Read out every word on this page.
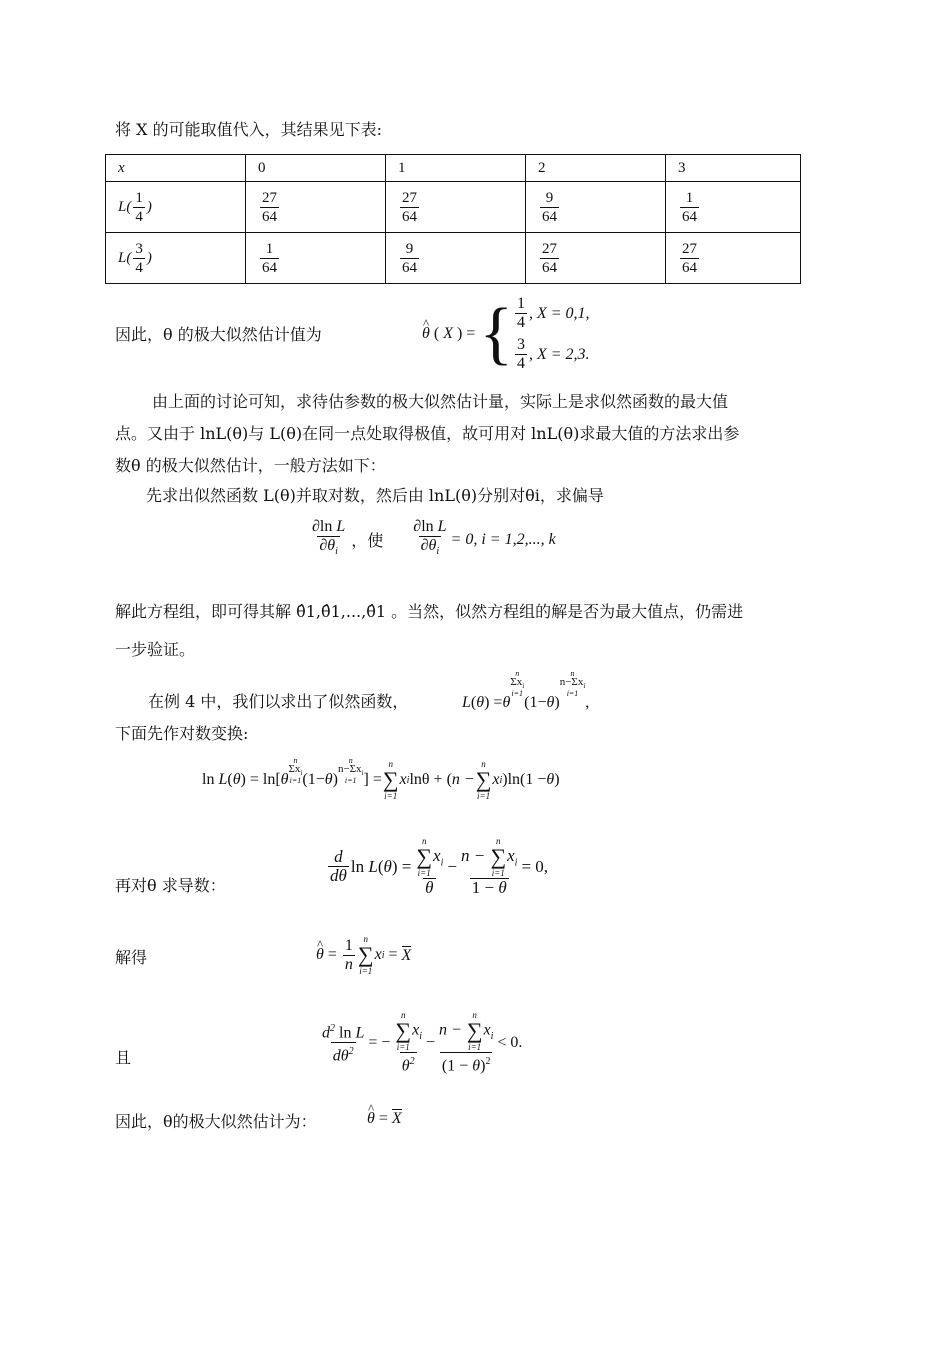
将 X 的可能取值代入，其结果见下表:
x	0	1	2	3
$L( \frac{1}{4}$ )	$\frac{27}{64}$	$\frac{27}{64}$	$\frac{9}{64}$	$\frac{1}{64}$

$L( \frac{3}{4}$ )	$\frac{1}{64}$	$\frac{9}{64}$	$\frac{27}{64}$	$\frac{27}{64}$
因此，θ 的极大似然估计值为	^ θ ( X ) = { $\frac{1}{4}$ , X = 0,1,
$\frac{3}{4}$ , X = 2,3.
由上面的讨论可知，求待估参数的极大似然估计量，实际上是求似然函数的最大值
点。又由于 lnL(θ)与 L(θ)在同一点处取得极值，故可用对 lnL(θ)求最大值的方法求出参
数θ 的极大似然估计，一般方法如下：
先求出似然函数 L(θ)并取对数，然后由 lnL(θ)分别对θi，求偏导
$\frac{\text{∂ln L}}{\partial\theta_i}$ ，使 $\frac{\text{∂ln L}}{\partial\theta_i} = 0$, i = 1,2,..., k
解此方程组，即可得其解 θ̂1,θ̂1,...,θ̂1 。当然，似然方程组的解是否为最大值点，仍需进
一步验证。
在例 4 中，我们以求出了似然函数，	L ( θ ) = θ
n
$\Sigma x_i$
i=1
(1− θ )
n
$n-\Sigma x_i$
i=1
,
下面先作对数变换:
ln L ( θ ) = ln[ θ
n
$\Sigma x_i$
i=1 (1− θ )
n
$n-\Sigma x_i$
i=1 ] =
n
∑
i=1
x i lnθ + ( n −
n
∑
i=1
x i )ln(1 − θ )
再对θ 求导数：
$\frac{d}{d\theta}$ ln L ( θ ) = n
∑
i=1
$x_i$
θ − n −
n
∑
i=1
$x_i$
1 − θ = 0,
解得	^ $\theta = \frac{1}{n}$ n
∑
i=1
x i = X
且	$\frac{d^2 \ln L}{d\theta^2}$ = − n
∑
i=1
$x_i$
$\theta^2 - n$ −
n
∑
i=1
$x_i$
$(1 - \theta)^2 < 0$.
因此，θ的极大似然估计为：	^ θ = X
